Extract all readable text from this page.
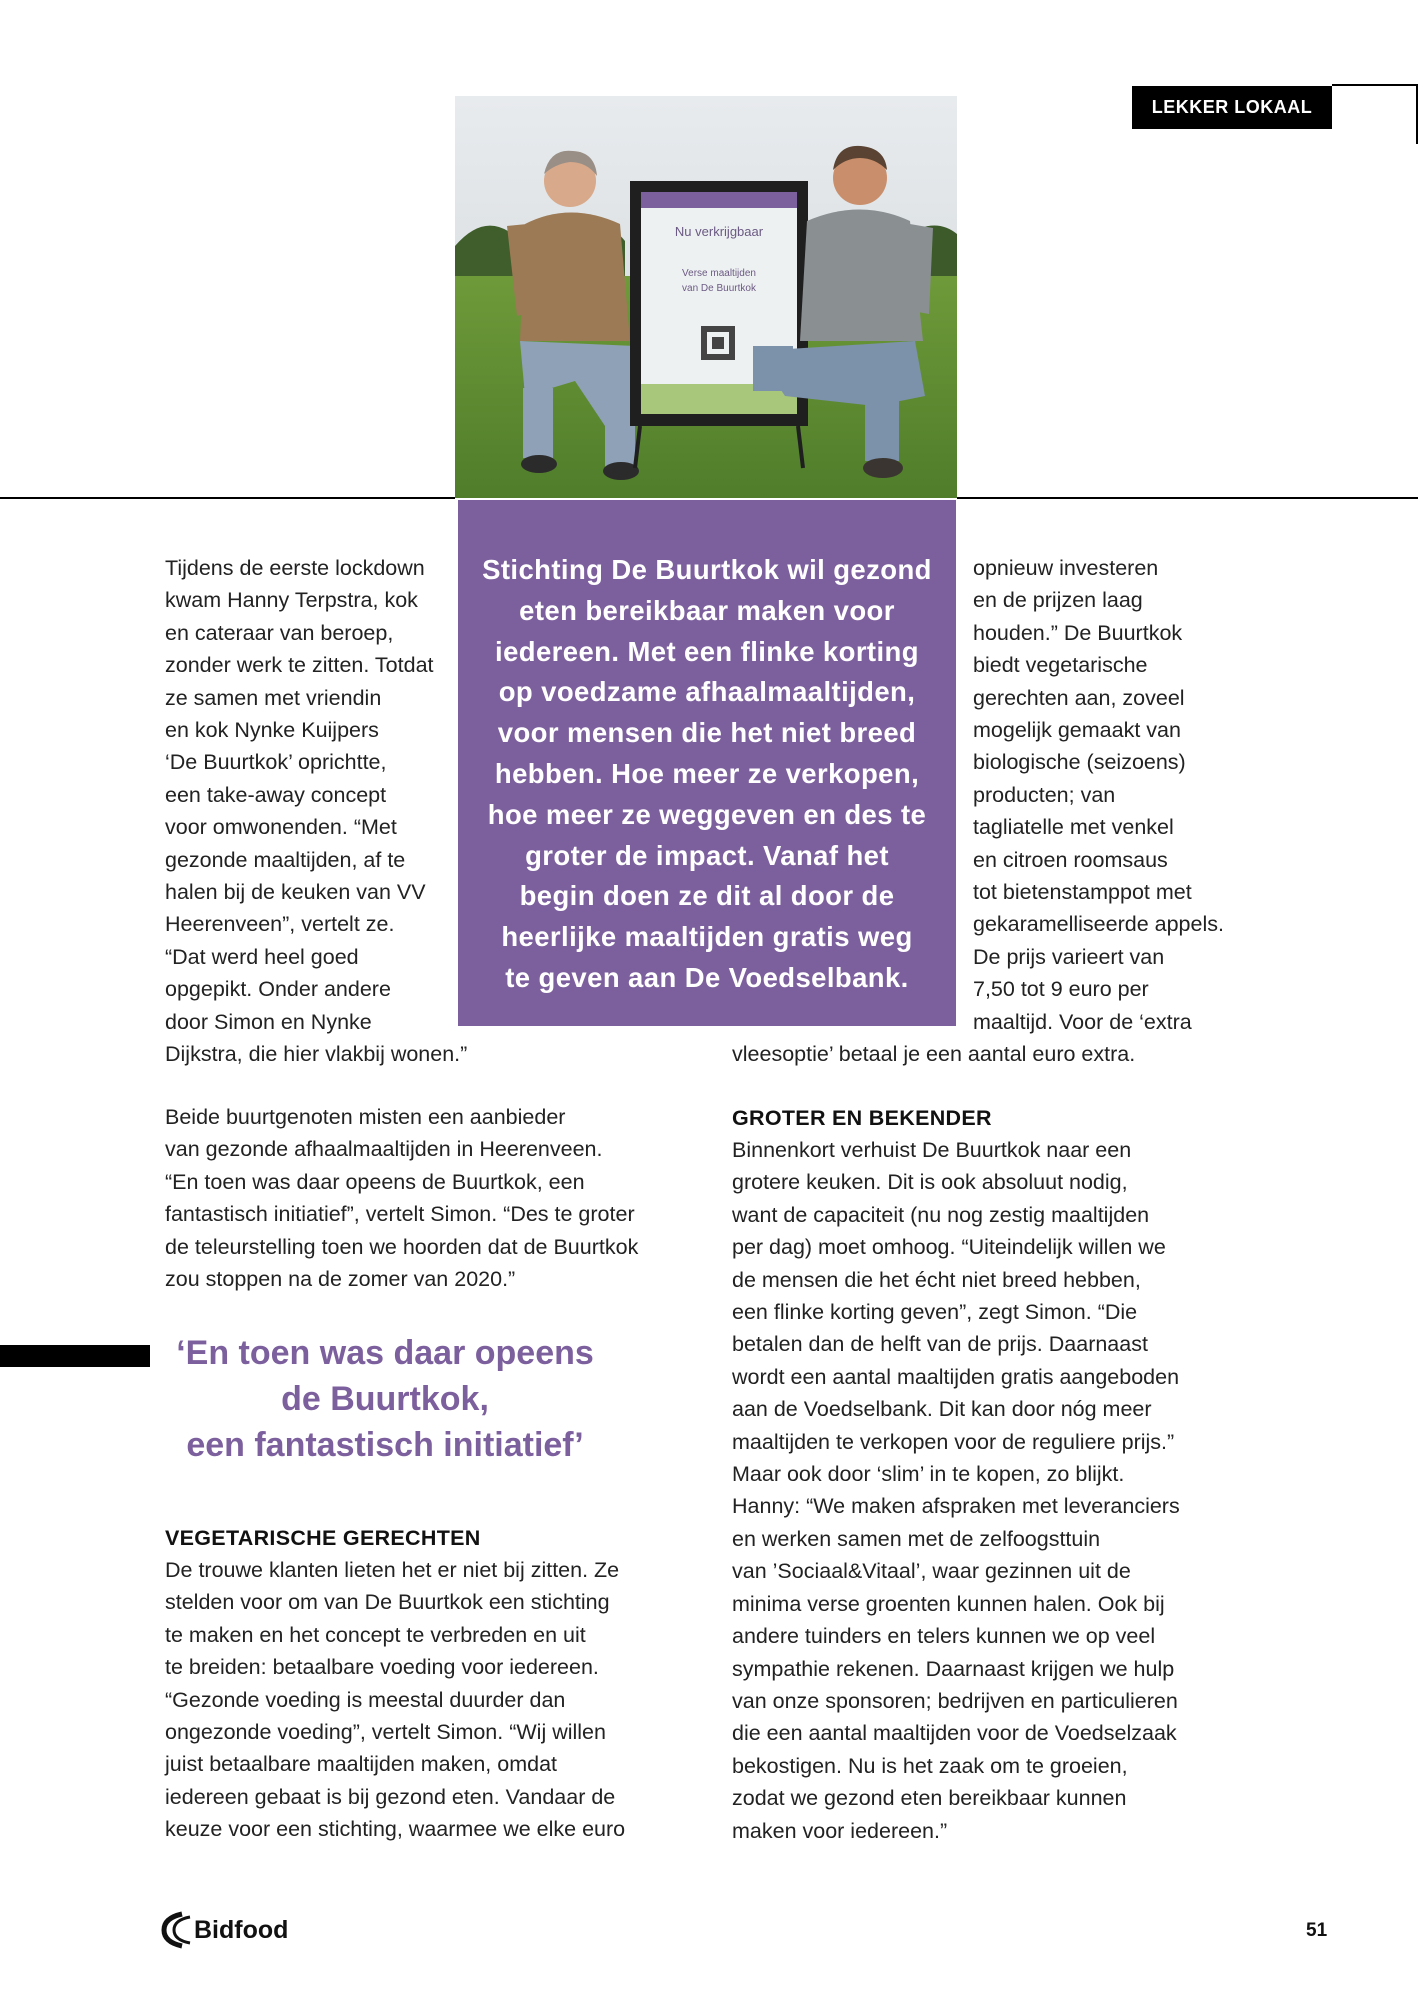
LEKKER LOKAAL
Nu verkrijgbaar
Verse maaltijden
van De Buurtkok
Stichting De Buurtkok wil gezond
eten bereikbaar maken voor
iedereen. Met een flinke korting
op voedzame afhaalmaaltijden,
voor mensen die het niet breed
hebben. Hoe meer ze verkopen,
hoe meer ze weggeven en des te
groter de impact. Vanaf het
begin doen ze dit al door de
heerlijke maaltijden gratis weg
te geven aan De Voedselbank.
Tijdens de eerste lockdown
kwam Hanny Terpstra, kok
en cateraar van beroep,
zonder werk te zitten. Totdat
ze samen met vriendin
en kok Nynke Kuijpers
‘De Buurtkok’ oprichtte,
een take-away concept
voor omwonenden. “Met
gezonde maaltijden, af te
halen bij de keuken van VV
Heerenveen”, vertelt ze.
“Dat werd heel goed
opgepikt. Onder andere
door Simon en Nynke
Dijkstra, die hier vlakbij wonen.”
Beide buurtgenoten misten een aanbieder
van gezonde afhaalmaaltijden in Heerenveen.
“En toen was daar opeens de Buurtkok, een
fantastisch initiatief”, vertelt Simon. “Des te groter
de teleurstelling toen we hoorden dat de Buurtkok
zou stoppen na de zomer van 2020.”
‘En toen was daar opeens
de Buurtkok,
een fantastisch initiatief’
VEGETARISCHE GERECHTEN
De trouwe klanten lieten het er niet bij zitten. Ze
stelden voor om van De Buurtkok een stichting
te maken en het concept te verbreden en uit
te breiden: betaalbare voeding voor iedereen.
“Gezonde voeding is meestal duurder dan
ongezonde voeding”, vertelt Simon. “Wij willen
juist betaalbare maaltijden maken, omdat
iedereen gebaat is bij gezond eten. Vandaar de
keuze voor een stichting, waarmee we elke euro
opnieuw investeren
en de prijzen laag
houden.” De Buurtkok
biedt vegetarische
gerechten aan, zoveel
mogelijk gemaakt van
biologische (seizoens)
producten; van
tagliatelle met venkel
en citroen roomsaus
tot bietenstamppot met
gekaramelliseerde appels.
De prijs varieert van
7,50 tot 9 euro per
maaltijd. Voor de ‘extra
vleesoptie’ betaal je een aantal euro extra.
GROTER EN BEKENDER
Binnenkort verhuist De Buurtkok naar een
grotere keuken. Dit is ook absoluut nodig,
want de capaciteit (nu nog zestig maaltijden
per dag) moet omhoog. “Uiteindelijk willen we
de mensen die het écht niet breed hebben,
een flinke korting geven”, zegt Simon. “Die
betalen dan de helft van de prijs. Daarnaast
wordt een aantal maaltijden gratis aangeboden
aan de Voedselbank. Dit kan door nóg meer
maaltijden te verkopen voor de reguliere prijs.”
Maar ook door ‘slim’ in te kopen, zo blijkt.
Hanny: “We maken afspraken met leveranciers
en werken samen met de zelfoogsttuin
van ’Sociaal&Vitaal’, waar gezinnen uit de
minima verse groenten kunnen halen. Ook bij
andere tuinders en telers kunnen we op veel
sympathie rekenen. Daarnaast krijgen we hulp
van onze sponsoren; bedrijven en particulieren
die een aantal maaltijden voor de Voedselzaak
bekostigen. Nu is het zaak om te groeien,
zodat we gezond eten bereikbaar kunnen
maken voor iedereen.”
Bidfood	51
